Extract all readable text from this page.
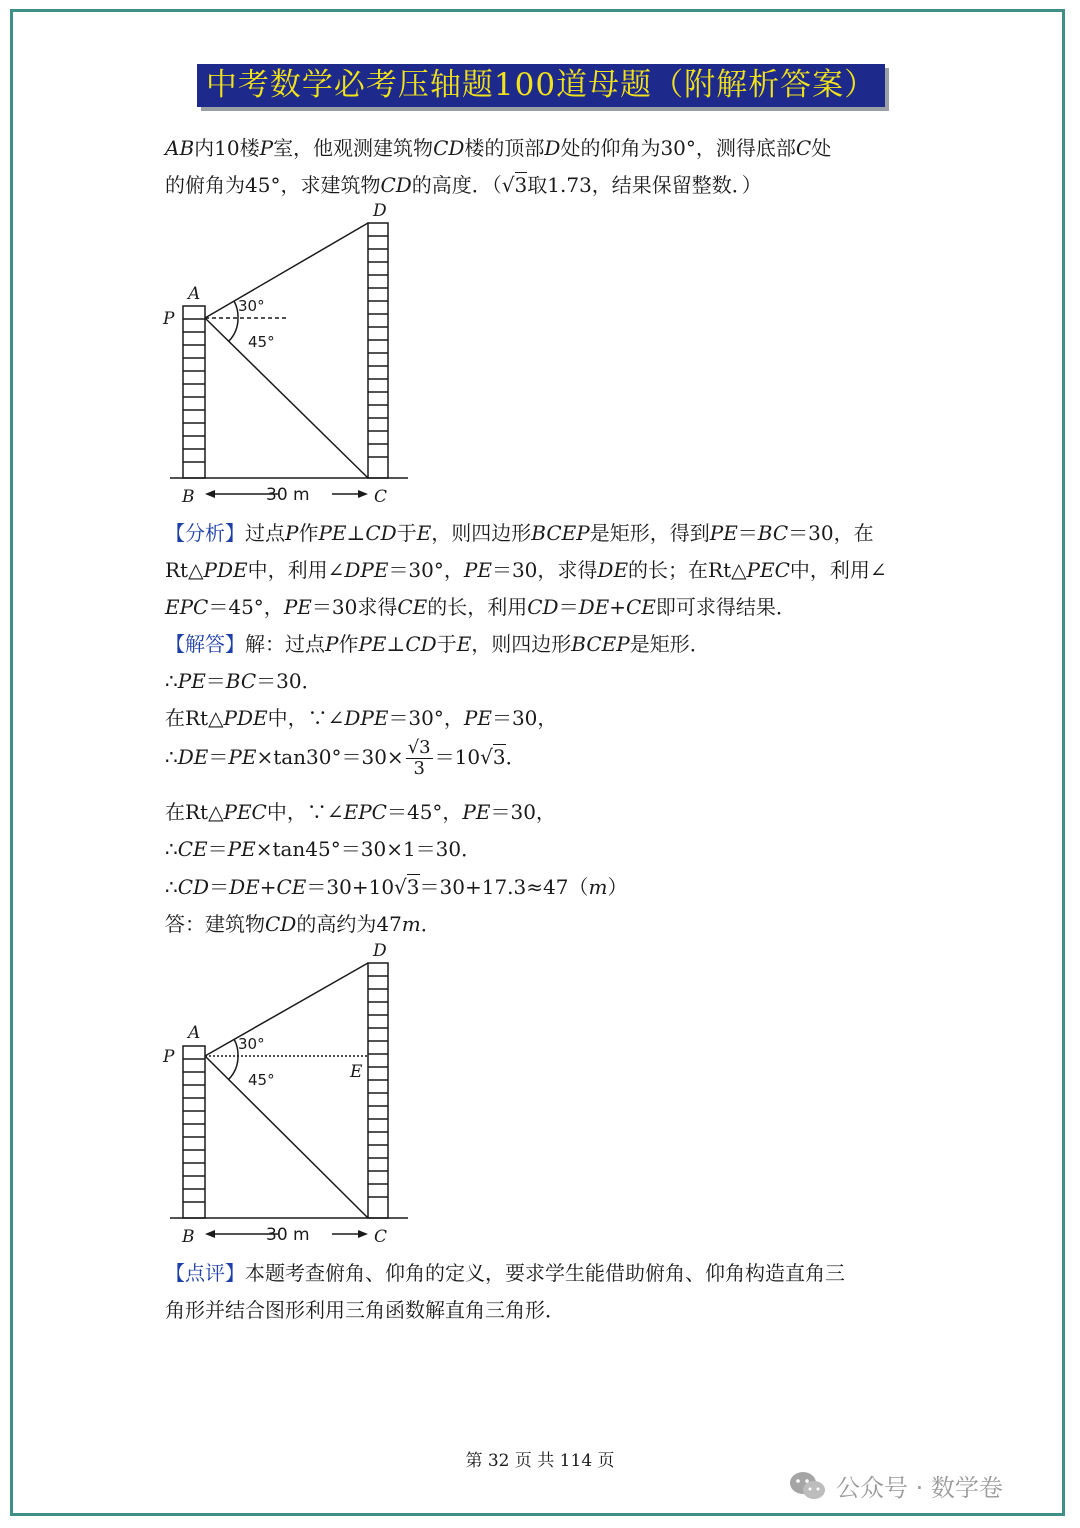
中考数学必考压轴题100道母题（附解析答案）
AB内10楼P室，他观测建筑物CD楼的顶部D处的仰角为30°，测得底部C处
的俯角为45°，求建筑物CD的高度．（√3取1.73，结果保留整数．）
D
A
P
B	C
30°
45°
30 m
【分析】过点P作PE⊥CD于E，则四边形BCEP是矩形，得到PE＝BC＝30，在
Rt△PDE中，利用∠DPE＝30°，PE＝30，求得DE的长；在Rt△PEC中，利用∠
EPC＝45°，PE＝30求得CE的长，利用CD＝DE+CE即可求得结果．
【解答】解：过点P作PE⊥CD于E，则四边形BCEP是矩形．
∴PE＝BC＝30．
在Rt△PDE中，∵∠DPE＝30°，PE＝30，
∴DE＝PE×tan30°＝30× $\frac{√3}{3} =10√3$．
在Rt△PEC中，∵∠EPC＝45°，PE＝30，
∴CE＝PE×tan45°＝30×1＝30．
∴CD＝DE+CE＝30+10√3＝30+17.3≈47（m）
答：建筑物CD的高约为47m．
D
A
P
E
B	C
30°
45°
30 m
【点评】本题考查俯角、仰角的定义，要求学生能借助俯角、仰角构造直角三
角形并结合图形利用三角函数解直角三角形．
第 32 页 共 114 页
公众号 · 数学卷
